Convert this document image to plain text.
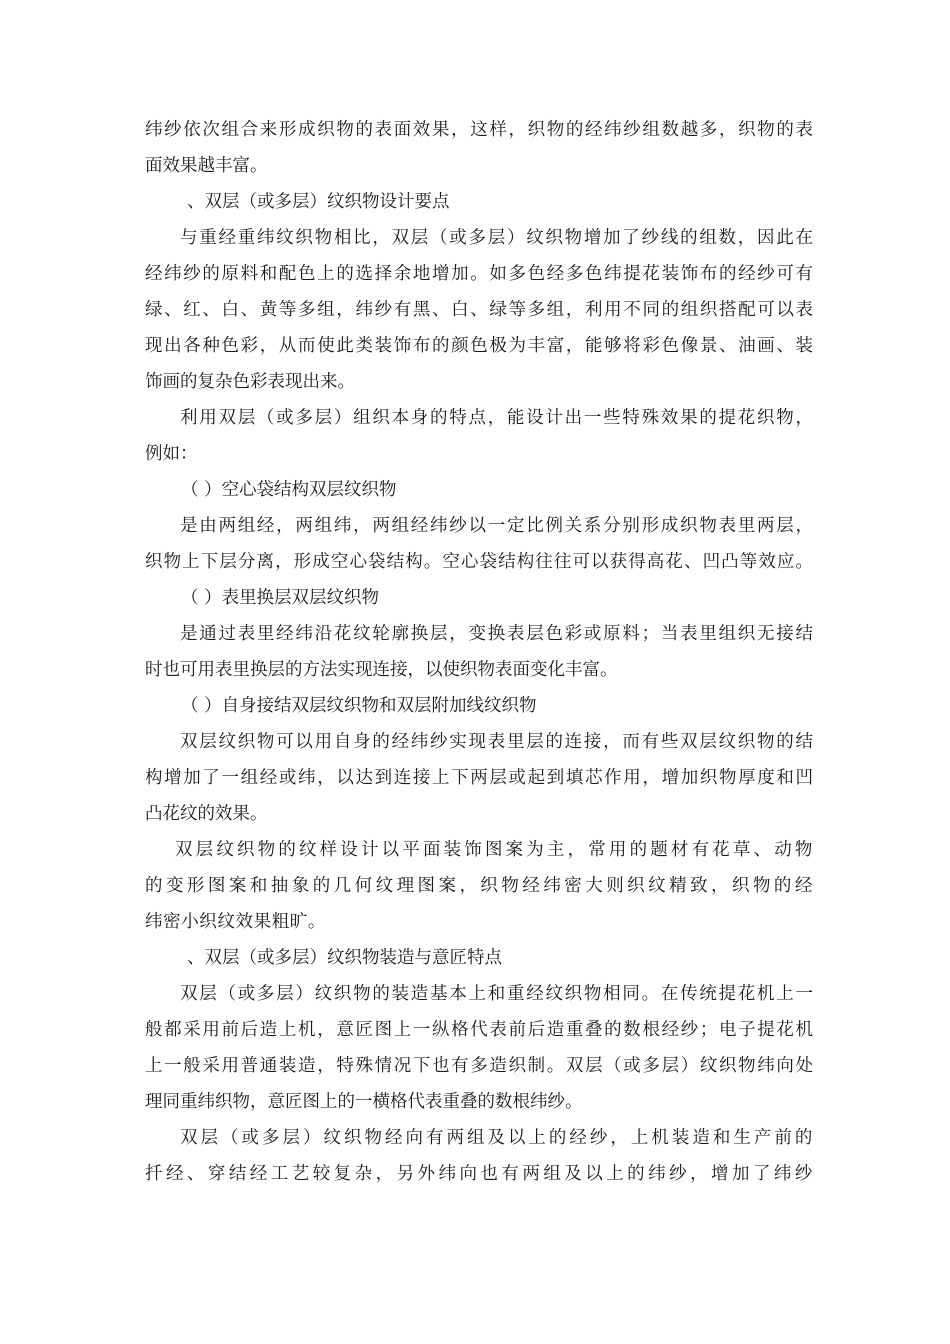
纬纱依次组合来形成织物的表面效果，这样，织物的经纬纱组数越多，织物的表
面效果越丰富。
、双层（或多层）纹织物设计要点
与重经重纬纹织物相比，双层（或多层）纹织物增加了纱线的组数，因此在
经纬纱的原料和配色上的选择余地增加。如多色经多色纬提花装饰布的经纱可有
绿、红、白、黄等多组，纬纱有黑、白、绿等多组，利用不同的组织搭配可以表
现出各种色彩，从而使此类装饰布的颜色极为丰富，能够将彩色像景、油画、装
饰画的复杂色彩表现出来。
利用双层（或多层）组织本身的特点，能设计出一些特殊效果的提花织物，
例如：
（ ）空心袋结构双层纹织物
是由两组经，两组纬，两组经纬纱以一定比例关系分别形成织物表里两层，
织物上下层分离，形成空心袋结构。空心袋结构往往可以获得高花、凹凸等效应。
（ ）表里换层双层纹织物
是通过表里经纬沿花纹轮廓换层，变换表层色彩或原料；当表里组织无接结
时也可用表里换层的方法实现连接，以使织物表面变化丰富。
（ ）自身接结双层纹织物和双层附加线纹织物
双层纹织物可以用自身的经纬纱实现表里层的连接，而有些双层纹织物的结
构增加了一组经或纬，以达到连接上下两层或起到填芯作用，增加织物厚度和凹
凸花纹的效果。
双层纹织物的纹样设计以平面装饰图案为主，常用的题材有花草、动物
的变形图案和抽象的几何纹理图案，织物经纬密大则织纹精致，织物的经
纬密小织纹效果粗旷。
、双层（或多层）纹织物装造与意匠特点
双层（或多层）纹织物的装造基本上和重经纹织物相同。在传统提花机上一
般都采用前后造上机，意匠图上一纵格代表前后造重叠的数根经纱；电子提花机
上一般采用普通装造，特殊情况下也有多造织制。双层（或多层）纹织物纬向处
理同重纬织物，意匠图上的一横格代表重叠的数根纬纱。
双层（或多层）纹织物经向有两组及以上的经纱，上机装造和生产前的
扦经、穿结经工艺较复杂，另外纬向也有两组及以上的纬纱，增加了纬纱
